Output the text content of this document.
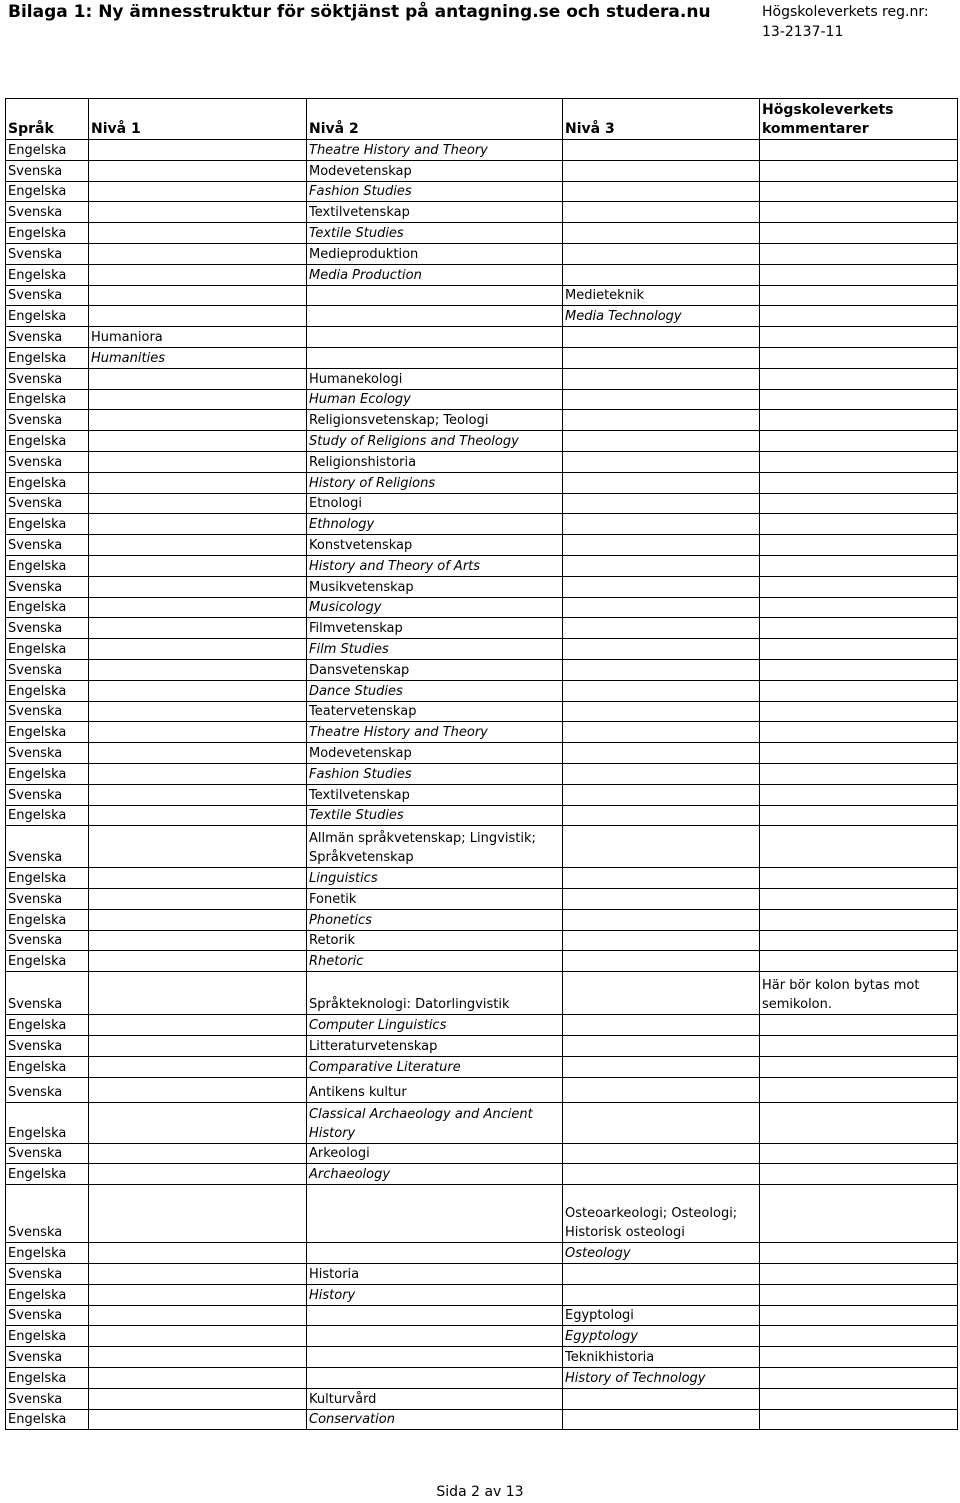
Bilaga 1: Ny ämnesstruktur för söktjänst på antagning.se och studera.nu	Högskoleverkets reg.nr:
13-2137-11
Språk	Nivå 1	Nivå 2	Nivå 3	Högskoleverkets kommentarer
Engelska		Theatre History and Theory		
Svenska		Modevetenskap		
Engelska		Fashion Studies		
Svenska		Textilvetenskap		
Engelska		Textile Studies		
Svenska		Medieproduktion		
Engelska		Media Production		
Svenska			Medieteknik	
Engelska			Media Technology	
Svenska	Humaniora			
Engelska	Humanities			
Svenska		Humanekologi		
Engelska		Human Ecology		
Svenska		Religionsvetenskap; Teologi		
Engelska		Study of Religions and Theology		
Svenska		Religionshistoria		
Engelska		History of Religions		
Svenska		Etnologi		
Engelska		Ethnology		
Svenska		Konstvetenskap		
Engelska		History and Theory of Arts		
Svenska		Musikvetenskap		
Engelska		Musicology		
Svenska		Filmvetenskap		
Engelska		Film Studies		
Svenska		Dansvetenskap		
Engelska		Dance Studies		
Svenska		Teatervetenskap		
Engelska		Theatre History and Theory		
Svenska		Modevetenskap		
Engelska		Fashion Studies		
Svenska		Textilvetenskap		
Engelska		Textile Studies		
Svenska		Allmän språkvetenskap; Lingvistik; Språkvetenskap		
Engelska		Linguistics		
Svenska		Fonetik		
Engelska		Phonetics		
Svenska		Retorik		
Engelska		Rhetoric		
Svenska		Språkteknologi: Datorlingvistik		Här bör kolon bytas mot semikolon.
Engelska		Computer Linguistics		
Svenska		Litteraturvetenskap		
Engelska		Comparative Literature		
Svenska		Antikens kultur		
Engelska		Classical Archaeology and Ancient History		
Svenska		Arkeologi		
Engelska		Archaeology		
Svenska			Osteoarkeologi; Osteologi; Historisk osteologi	
Engelska			Osteology	
Svenska		Historia		
Engelska		History		
Svenska			Egyptologi	
Engelska			Egyptology	
Svenska			Teknikhistoria	
Engelska			History of Technology	
Svenska		Kulturvård		
Engelska		Conservation		
Sida 2 av 13
